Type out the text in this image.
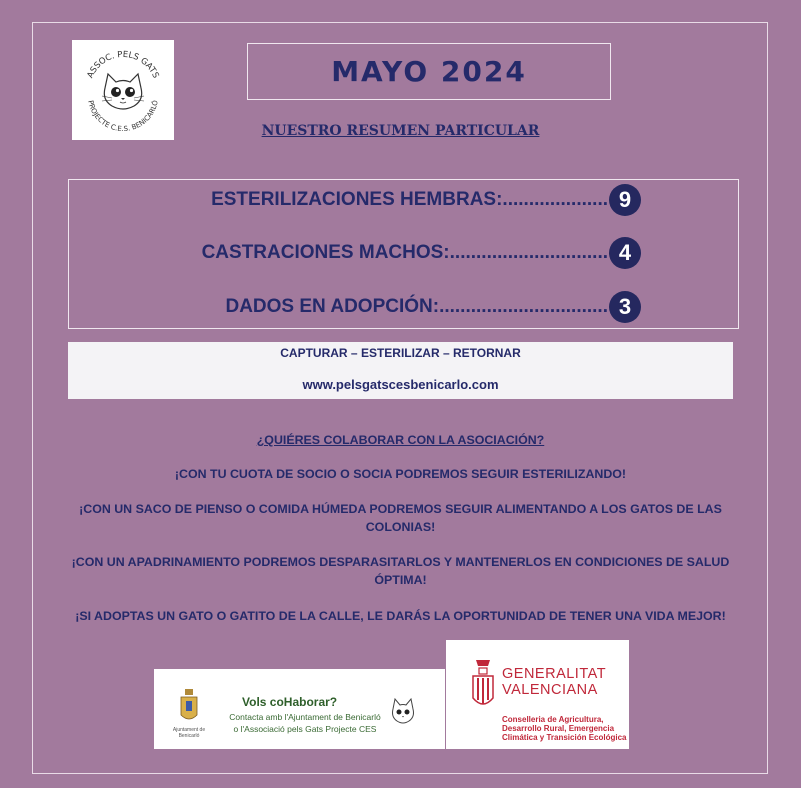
ASSOC. PELS GATS
PROJECTE C.E.S. BENICARLÓ
MAYO 2024
NUESTRO RESUMEN PARTICULAR
ESTERILIZACIONES HEMBRAS:.................... 9
CASTRACIONES MACHOS:.............................. 4
DADOS EN ADOPCIÓN:................................ 3
CAPTURAR – ESTERILIZAR – RETORNAR
www.pelsgatscesbenicarlo.com
¿QUIÉRES COLABORAR CON LA ASOCIACIÓN?
¡CON TU CUOTA DE SOCIO O SOCIA PODREMOS SEGUIR ESTERILIZANDO!
¡CON UN SACO DE PIENSO O COMIDA HÚMEDA PODREMOS SEGUIR ALIMENTANDO A LOS GATOS DE LAS
COLONIAS!
¡CON UN APADRINAMIENTO PODREMOS DESPARASITARLOS Y MANTENERLOS EN CONDICIONES DE SALUD
ÓPTIMA!
¡SI ADOPTAS UN GATO O GATITO DE LA CALLE, LE DARÁS LA OPORTUNIDAD DE TENER UNA VIDA MEJOR!
Ajuntament de
Benicarló
Vols coHaborar?
Contacta amb l'Ajuntament de Benicarló
o l'Associació pels Gats Projecte CES
GENERALITAT
VALENCIANA
Conselleria de Agricultura,
Desarrollo Rural, Emergencia
Climática y Transición Ecológica
